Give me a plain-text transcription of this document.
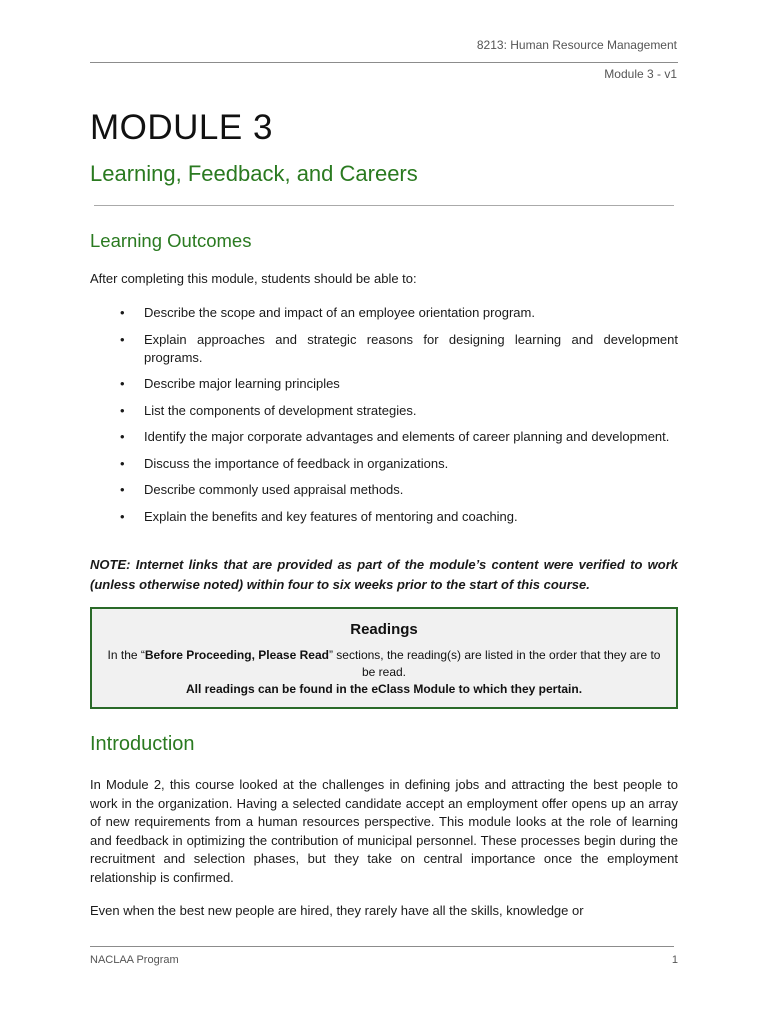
8213: Human Resource Management
Module 3 - v1
MODULE 3
Learning, Feedback, and Careers
Learning Outcomes
After completing this module, students should be able to:
• Describe the scope and impact of an employee orientation program.
• Explain approaches and strategic reasons for designing learning and development programs.
• Describe major learning principles
• List the components of development strategies.
• Identify the major corporate advantages and elements of career planning and development.
• Discuss the importance of feedback in organizations.
• Describe commonly used appraisal methods.
• Explain the benefits and key features of mentoring and coaching.
NOTE: Internet links that are provided as part of the module’s content were verified to work (unless otherwise noted) within four to six weeks prior to the start of this course.
Readings
In the “Before Proceeding, Please Read” sections, the reading(s) are listed in the order that they are to be read.
All readings can be found in the eClass Module to which they pertain.
Introduction
In Module 2, this course looked at the challenges in defining jobs and attracting the best people to work in the organization. Having a selected candidate accept an employment offer opens up an array of new requirements from a human resources perspective. This module looks at the role of learning and feedback in optimizing the contribution of municipal personnel. These processes begin during the recruitment and selection phases, but they take on central importance once the employment relationship is confirmed.
Even when the best new people are hired, they rarely have all the skills, knowledge or
NACLAA Program	1
